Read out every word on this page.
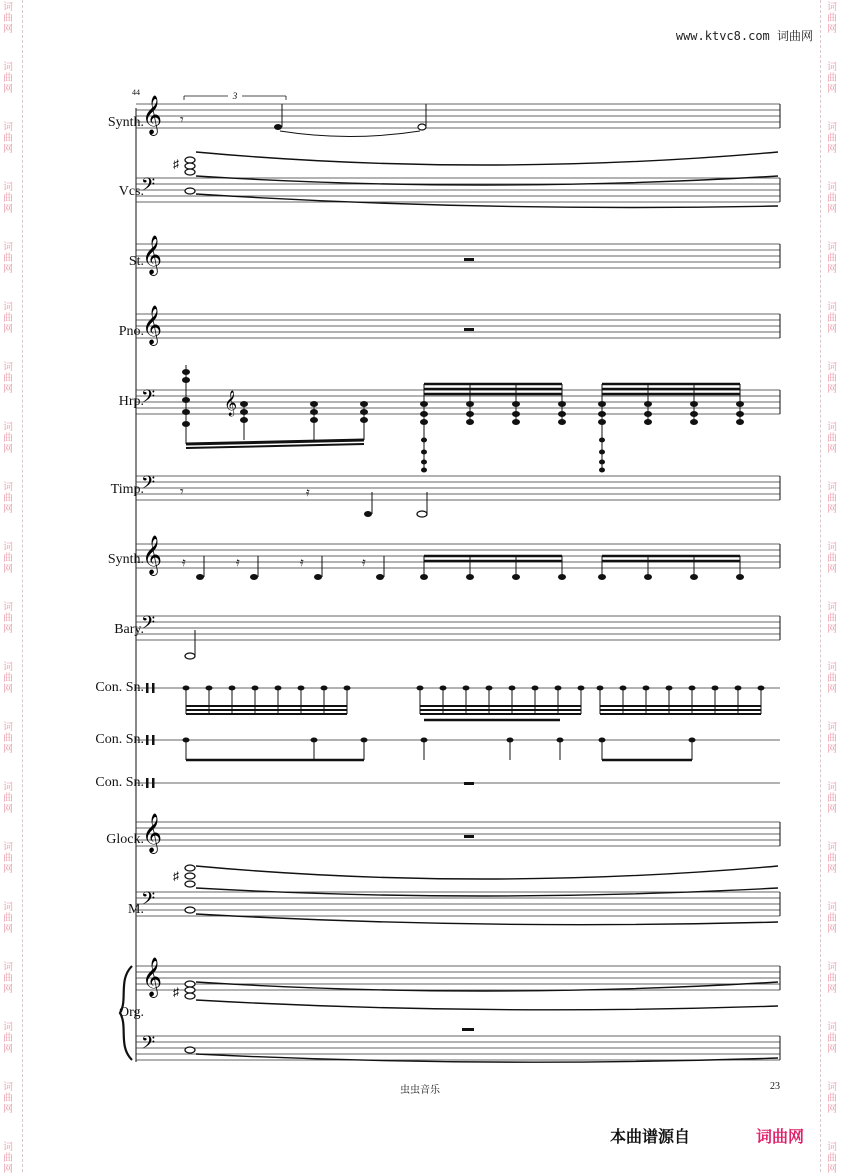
词
曲
网
词
曲
网
词
曲
网
词
曲
网
词
曲
网
词
曲
网
词
曲
网
词
曲
网
词
曲
网
词
曲
网
词
曲
网
词
曲
网
词
曲
网
词
曲
网
词
曲
网
词
曲
网
词
曲
网
词
曲
网
词
曲
网
词
曲
网
词
曲
网
词
曲
网
词
曲
网
词
曲
网
词
曲
网
词
曲
网
词
曲
网
词
曲
网
词
曲
网
词
曲
网
词
曲
网
词
曲
网
词
曲
网
词
曲
网
词
曲
网
词
曲
网
词
曲
网
词
曲
网
词
曲
网
词
曲
网
www.ktvc8.com 词曲网
44
Synth.
Vcs.
St.
Pno.
Hrp.
Timp.
Synth.
Bary.
Con. Sn.
Con. Sn.
Con. Sn.
Glock.
M.
Org.
3
𝄞
𝄢
𝄞
𝄞
𝄢
𝄢
𝄞
𝄢
𝄞
𝄢
𝄞
𝄢
𝄾
♯
𝄞
𝄾	𝄿
𝄿	𝄿	𝄿	𝄿
♯
♯
虫虫音乐	23
本曲谱源自	词曲网
